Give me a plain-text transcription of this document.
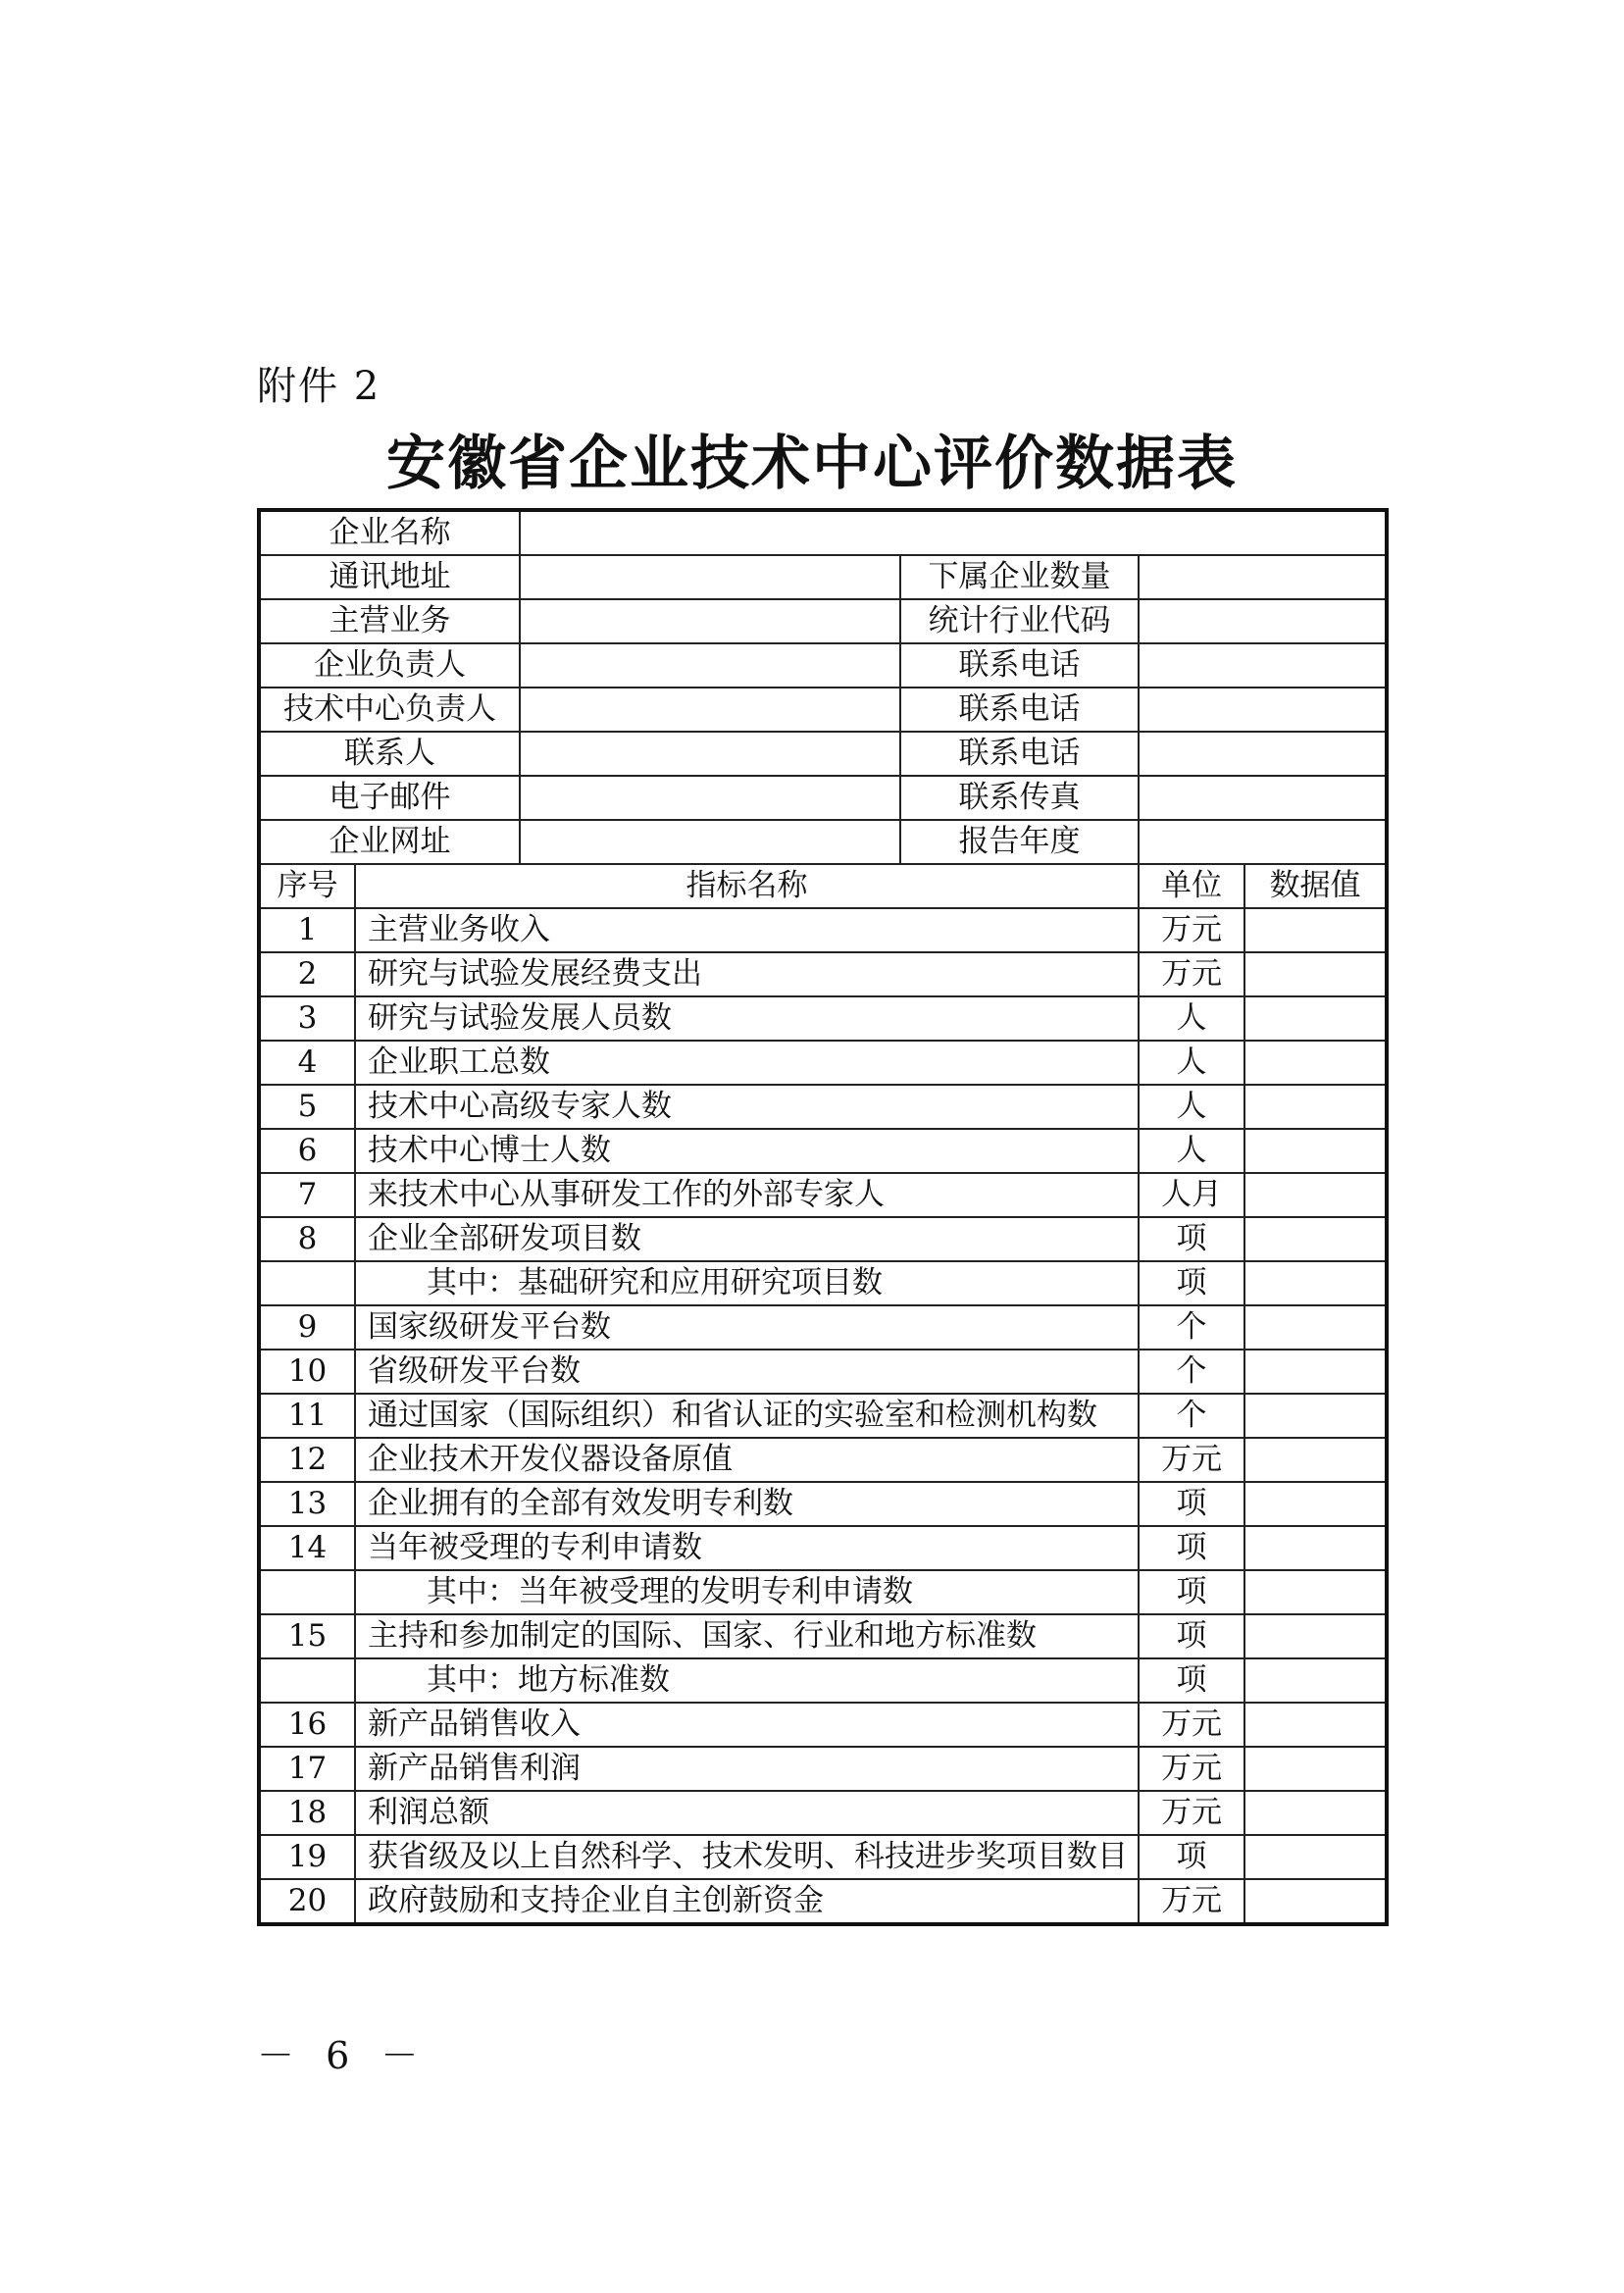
附件 2
安徽省企业技术中心评价数据表
企业名称					
通讯地址			下属企业数量		
主营业务			统计行业代码		
企业负责人			联系电话		
技术中心负责人			联系电话		
联系人			联系电话		
电子邮件			联系传真		
企业网址			报告年度		
序号	指标名称			单位	数据值
1	主营业务收入			万元	
2	研究与试验发展经费支出			万元	
3	研究与试验发展人员数			人	
4	企业职工总数			人	
5	技术中心高级专家人数			人	
6	技术中心博士人数			人	
7	来技术中心从事研发工作的外部专家人			人月	
8	企业全部研发项目数			项	
	其中：基础研究和应用研究项目数			项	
9	国家级研发平台数			个	
10	省级研发平台数			个	
11	通过国家（国际组织）和省认证的实验室和检测机构数			个	
12	企业技术开发仪器设备原值			万元	
13	企业拥有的全部有效发明专利数			项	
14	当年被受理的专利申请数			项	
	其中：当年被受理的发明专利申请数			项	
15	主持和参加制定的国际、国家、行业和地方标准数			项	
	其中：地方标准数			项	
16	新产品销售收入			万元	
17	新产品销售利润			万元	
18	利润总额			万元	
19	获省级及以上自然科学、技术发明、科技进步奖项目数目			项	
20	政府鼓励和支持企业自主创新资金			万元	
－ 6 －
